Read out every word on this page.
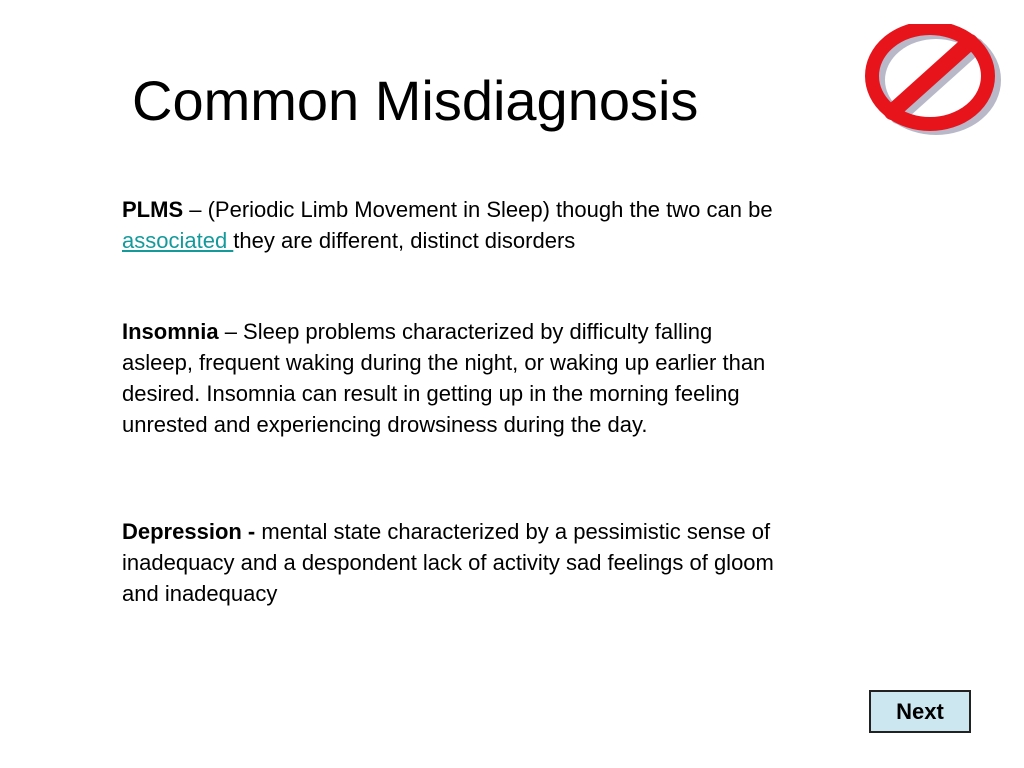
Common Misdiagnosis

PLMS – (Periodic Limb Movement in Sleep) though the two can be associated they are different, distinct disorders

Insomnia – Sleep problems characterized by difficulty falling asleep, frequent waking during the night, or waking up earlier than desired. Insomnia can result in getting up in the morning feeling unrested and experiencing drowsiness during the day.

Depression - mental state characterized by a pessimistic sense of inadequacy and a despondent lack of activity sad feelings of gloom and inadequacy

Next
